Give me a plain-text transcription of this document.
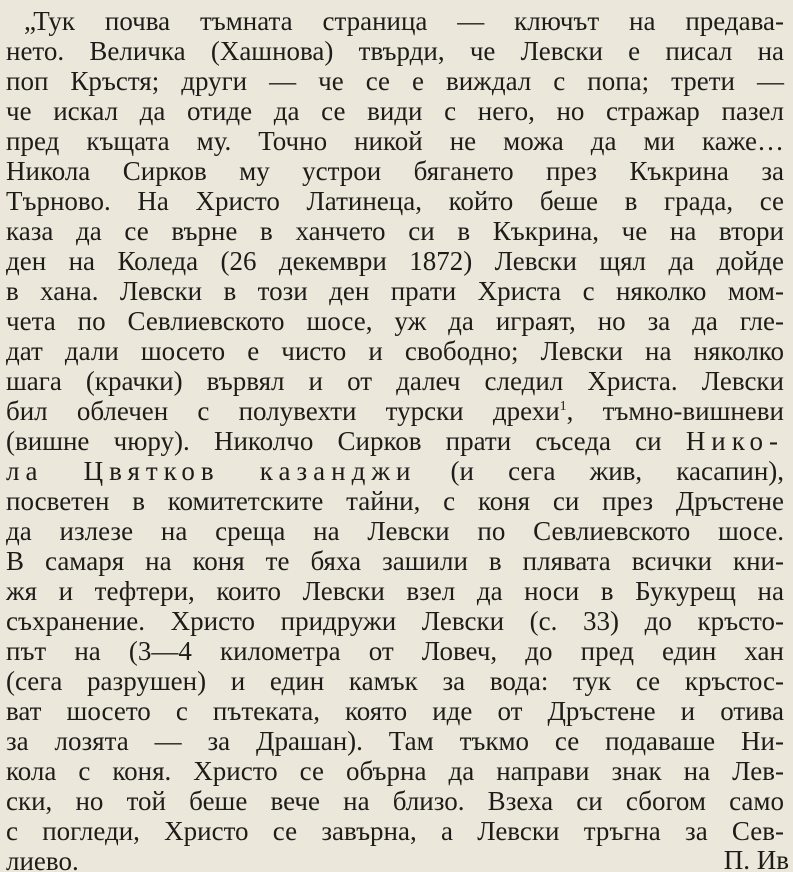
„Тук почва тъмната страница — ключът на предава-
нето. Величка (Хашнова) твърди, че Левски е писал на
поп Кръстя; други — че се е виждал с попа; трети —
че искал да отиде да се види с него, но стражар пазел
пред къщата му. Точно никой не можа да ми каже…
Никола Сирков му устрои бягането през Къкрина за
Търново. На Христо Латинеца, който беше в града, се
каза да се върне в ханчето си в Къкрина, че на втори
ден на Коледа (26 декември 1872) Левски щял да дойде
в хана. Левски в този ден прати Христа с няколко мом-
чета по Севлиевското шосе, уж да играят, но за да гле-
дат дали шосето е чисто и свободно; Левски на няколко
шага (крачки) вървял и от далеч следил Христа. Левски
бил облечен с полувехти турски дрехи$^1$, тъмно-вишневи
(вишне чюру). Николчо Сирков прати съседа си Нико-
ла Цвятков казанджи (и сега жив, касапин),
посветен в комитетските тайни, с коня си през Дръстене
да излезе на среща на Левски по Севлиевското шосе.
В самаря на коня те бяха зашили в плявата всички кни-
жя и тефтери, които Левски взел да носи в Букурещ на
съхранение. Христо придружи Левски (с. 33) до кръсто-
път на (3—4 километра от Ловеч, до пред един хан
(сега разрушен) и един камък за вода: тук се кръстос-
ват шосето с пътеката, която иде от Дръстене и отива
за лозята — за Драшан). Там тъкмо се подаваше Ни-
кола с коня. Христо се обърна да направи знак на Лев-
ски, но той беше вече на близо. Взеха си сбогом само
с погледи, Христо се завърна, а Левски тръгна за Сев-
лиево.	П. Ив
